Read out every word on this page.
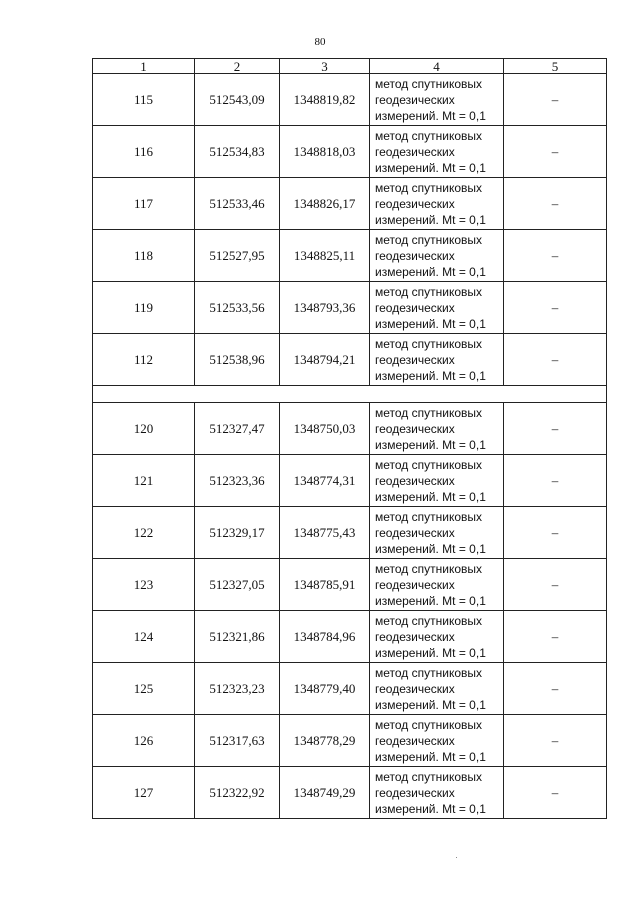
80
1	2	3	4	5
115	512543,09	1348819,82	метод спутниковых
геодезических
измерений. Mt = 0,1	–
116	512534,83	1348818,03	метод спутниковых
геодезических
измерений. Mt = 0,1	–
117	512533,46	1348826,17	метод спутниковых
геодезических
измерений. Mt = 0,1	–
118	512527,95	1348825,11	метод спутниковых
геодезических
измерений. Mt = 0,1	–
119	512533,56	1348793,36	метод спутниковых
геодезических
измерений. Mt = 0,1	–
112	512538,96	1348794,21	метод спутниковых
геодезических
измерений. Mt = 0,1	–

120	512327,47	1348750,03	метод спутниковых
геодезических
измерений. Mt = 0,1	–
121	512323,36	1348774,31	метод спутниковых
геодезических
измерений. Mt = 0,1	–
122	512329,17	1348775,43	метод спутниковых
геодезических
измерений. Mt = 0,1	–
123	512327,05	1348785,91	метод спутниковых
геодезических
измерений. Mt = 0,1	–
124	512321,86	1348784,96	метод спутниковых
геодезических
измерений. Mt = 0,1	–
125	512323,23	1348779,40	метод спутниковых
геодезических
измерений. Mt = 0,1	–
126	512317,63	1348778,29	метод спутниковых
геодезических
измерений. Mt = 0,1	–
127	512322,92	1348749,29	метод спутниковых
геодезических
измерений. Mt = 0,1	–
